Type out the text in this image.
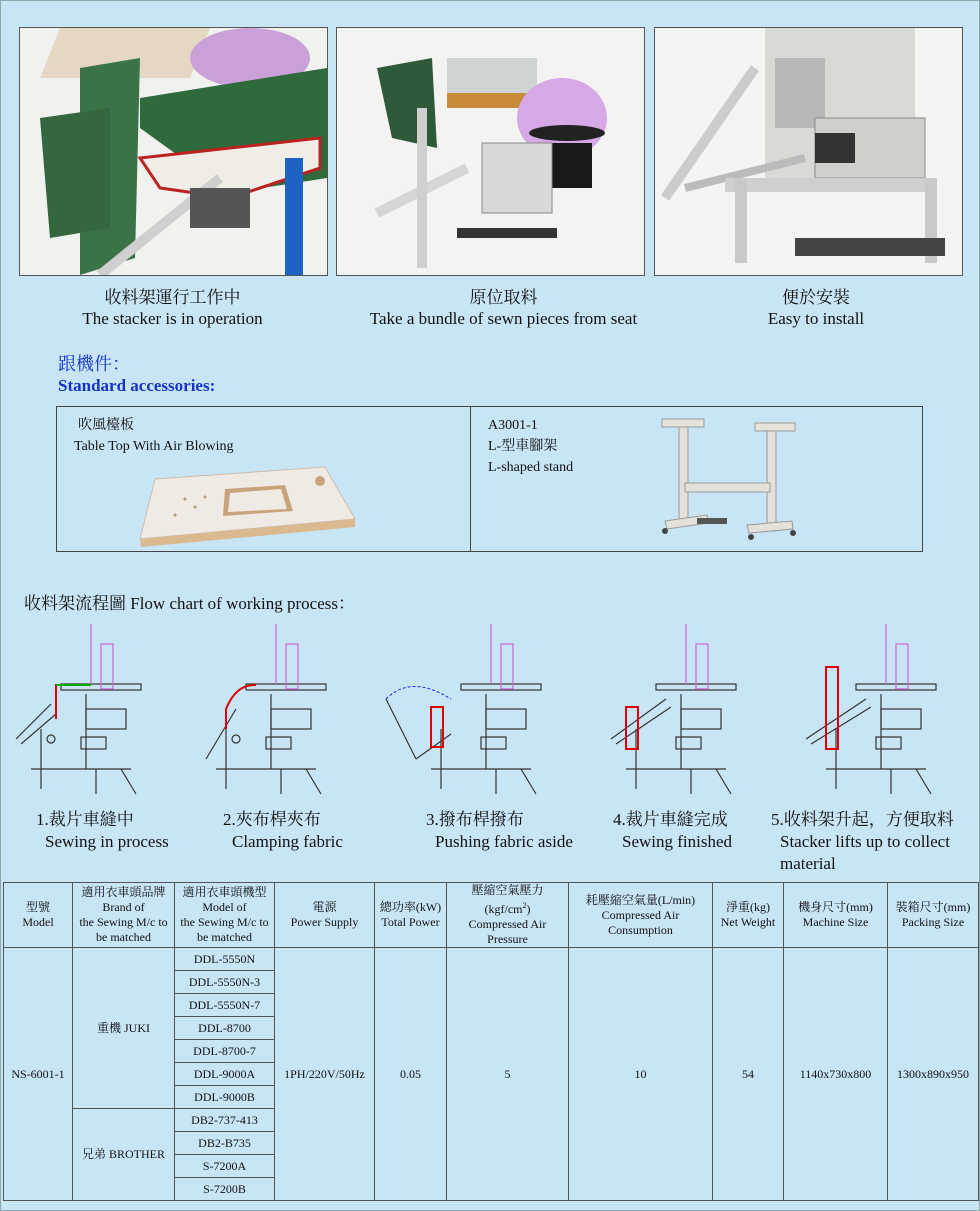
收料架運行工作中
The stacker is in operation
原位取料
Take a bundle of sewn pieces from seat
便於安裝
Easy to install
跟機件：
Standard accessories:
吹風檯板
Table Top With Air Blowing
A3001-1
L-型車腳架
L-shaped stand
收料架流程圖 Flow chart of working process：
1.裁片車縫中
Sewing in process
2.夾布桿夾布
Clamping fabric
3.撥布桿撥布
Pushing fabric aside
4.裁片車縫完成
Sewing finished
5.收料架升起，方便取料
Stacker lifts up to collect material
型號
Model	適用衣車頭品牌
Brand of
the Sewing M/c to
be matched	適用衣車頭機型
Model of
the Sewing M/c to
be matched	電源
Power Supply	總功率(kW)
Total Power	壓縮空氣壓力
$(kgf/cm^2)$
Compressed Air
Pressure	耗壓縮空氣量(L/min)
Compressed Air
Consumption	淨重(kg)
Net Weight	機身尺寸(mm)
Machine Size	裝箱尺寸(mm)
Packing Size

NS-6001-1	重機 JUKI	DDL-5550N	1PH/220V/50Hz	0.05	5	10	54	1140x730x800	1300x890x950
		DDL-5550N-3							
		DDL-5550N-7							
		DDL-8700							
		DDL-8700-7							
		DDL-9000A							
		DDL-9000B							
	兄弟 BROTHER	DB2-737-413							
		DB2-B735							
		S-7200A							
		S-7200B							
